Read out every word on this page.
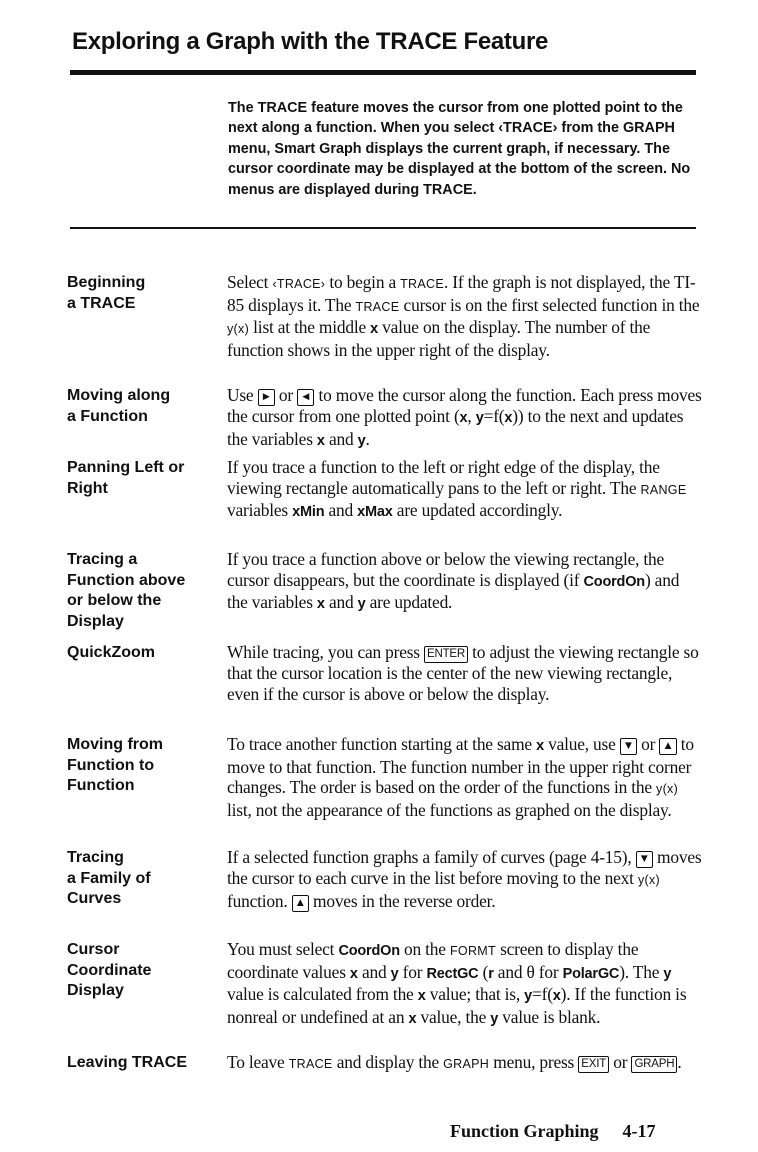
Exploring a Graph with the TRACE Feature

The TRACE feature moves the cursor from one plotted point to the next along a function. When you select ‹TRACE› from the GRAPH menu, Smart Graph displays the current graph, if necessary. The cursor coordinate may be displayed at the bottom of the screen. No menus are displayed during TRACE.

Beginning
a TRACE
Select ‹TRACE› to begin a TRACE. If the graph is not displayed, the TI-85 displays it. The TRACE cursor is on the first selected function in the y(x) list at the middle x value on the display. The number of the function shows in the upper right of the display.
Moving along
a Function
Use ► or ◄ to move the cursor along the function. Each press moves the cursor from one plotted point (x, y=f(x)) to the next and updates the variables x and y.
Panning Left or
Right
If you trace a function to the left or right edge of the display, the viewing rectangle automatically pans to the left or right. The RANGE variables xMin and xMax are updated accordingly.
Tracing a
Function above
or below the
Display
If you trace a function above or below the viewing rectangle, the cursor disappears, but the coordinate is displayed (if CoordOn) and the variables x and y are updated.
QuickZoom	While tracing, you can press ENTER to adjust the viewing rectangle so that the cursor location is the center of the new viewing rectangle, even if the cursor is above or below the display.
Moving from
Function to
Function
To trace another function starting at the same x value, use ▼ or ▲ to move to that function. The function number in the upper right corner changes. The order is based on the order of the functions in the y(x) list, not the appearance of the functions as graphed on the display.
Tracing
a Family of
Curves
If a selected function graphs a family of curves (page 4-15), ▼ moves the cursor to each curve in the list before moving to the next y(x) function. ▲ moves in the reverse order.
Cursor
Coordinate
Display
You must select CoordOn on the FORMT screen to display the coordinate values x and y for RectGC (r and θ for PolarGC). The y value is calculated from the x value; that is, y=f(x). If the function is nonreal or undefined at an x value, the y value is blank.
Leaving TRACE	To leave TRACE and display the GRAPH menu, press EXIT or GRAPH .
Function Graphing 4-17
